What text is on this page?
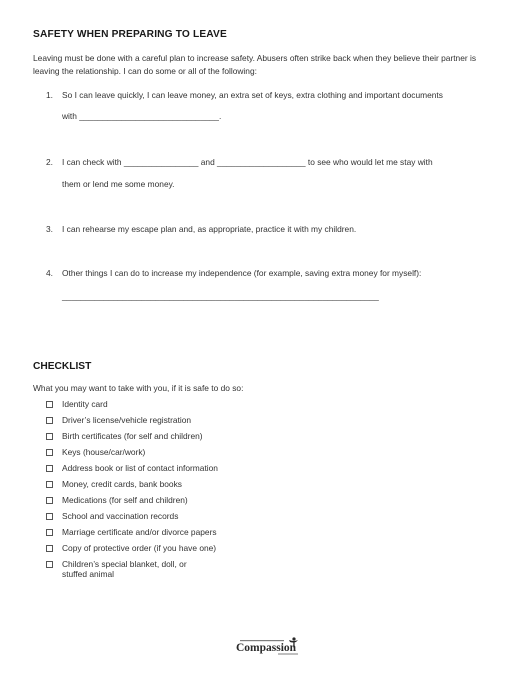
SAFETY WHEN PREPARING TO LEAVE
Leaving must be done with a careful plan to increase safety. Abusers often strike back when they believe their partner is leaving the relationship. I can do some or all of the following:
1. So I can leave quickly, I can leave money, an extra set of keys, extra clothing and important documents
with ______________________________.
2. I can check with ________________ and ___________________ to see who would let me stay with
them or lend me some money.
3. I can rehearse my escape plan and, as appropriate, practice it with my children.
4. Other things I can do to increase my independence (for example, saving extra money for myself):
____________________________________________________________________
CHECKLIST
What you may want to take with you, if it is safe to do so:
Identity card
Driver’s license/vehicle registration
Birth certificates (for self and children)
Keys (house/car/work)
Address book or list of contact information
Money, credit cards, bank books
Medications (for self and children)
School and vaccination records
Marriage certificate and/or divorce papers
Copy of protective order (if you have one)
Children’s special blanket, doll, or stuffed animal
Compassion
